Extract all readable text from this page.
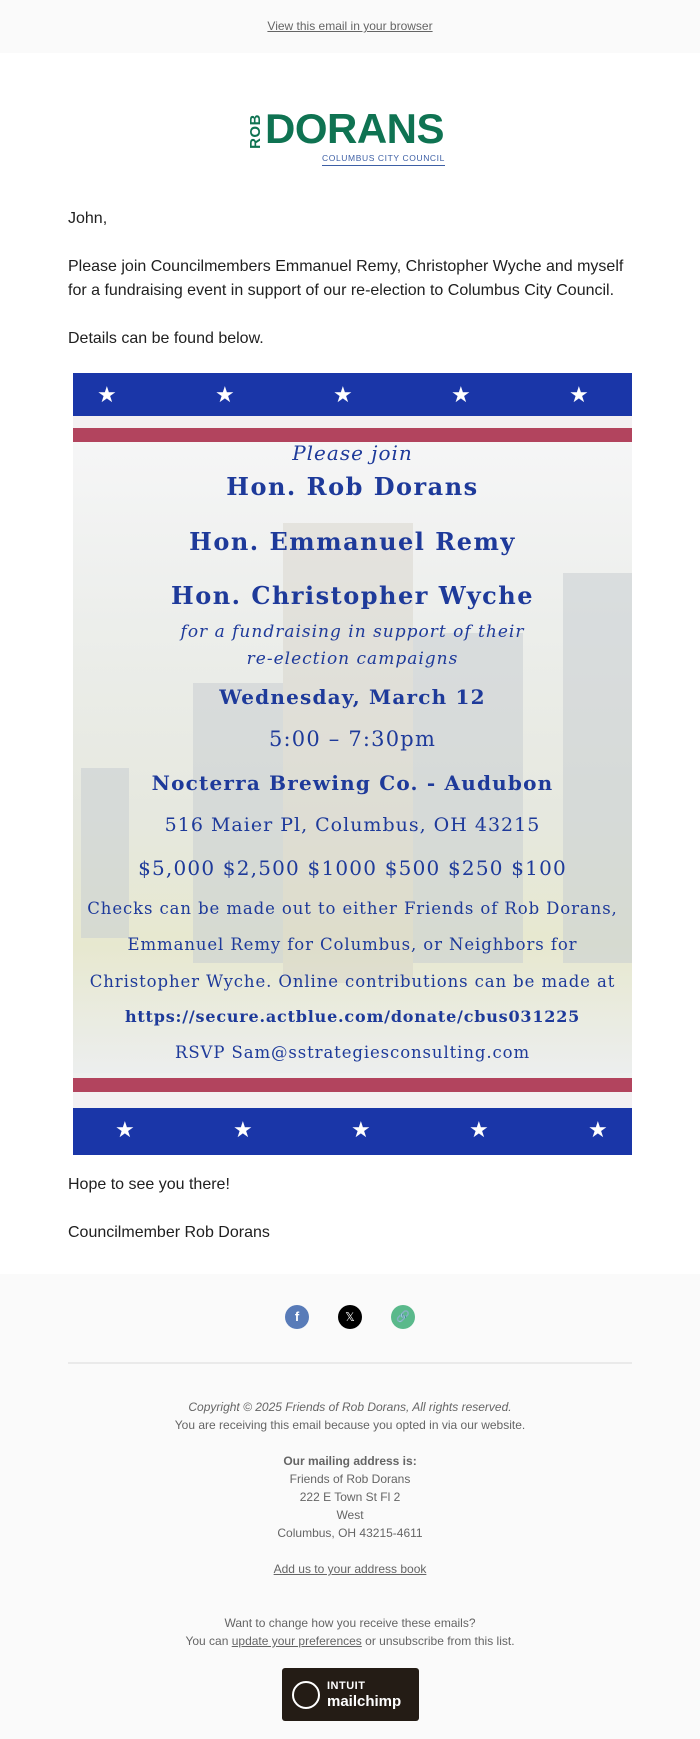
View this email in your browser
ROB DORANS
COLUMBUS CITY COUNCIL
John,
Please join Councilmembers Emmanuel Remy, Christopher Wyche and myself for a fundraising event in support of our re-election to Columbus City Council.
Details can be found below.
★	★	★	★	★
Please join
Hon. Rob Dorans
Hon. Emmanuel Remy
Hon. Christopher Wyche
for a fundraising in support of their
re-election campaigns
Wednesday, March 12
5:00 – 7:30pm
Nocterra Brewing Co. - Audubon
516 Maier Pl, Columbus, OH 43215
$5,000 $2,500 $1000 $500 $250 $100
Checks can be made out to either Friends of Rob Dorans,
Emmanuel Remy for Columbus, or Neighbors for
Christopher Wyche. Online contributions can be made at
https://secure.actblue.com/donate/cbus031225
RSVP Sam@sstrategiesconsulting.com
★	★	★	★	★
Hope to see you there!
Councilmember Rob Dorans
f	𝕏	🔗
Copyright © 2025 Friends of Rob Dorans, All rights reserved.
You are receiving this email because you opted in via our website.
Our mailing address is:
Friends of Rob Dorans
222 E Town St Fl 2
West
Columbus, OH 43215-4611
Add us to your address book
Want to change how you receive these emails?
You can update your preferences or unsubscribe from this list.
INTUIT
mailchimp
